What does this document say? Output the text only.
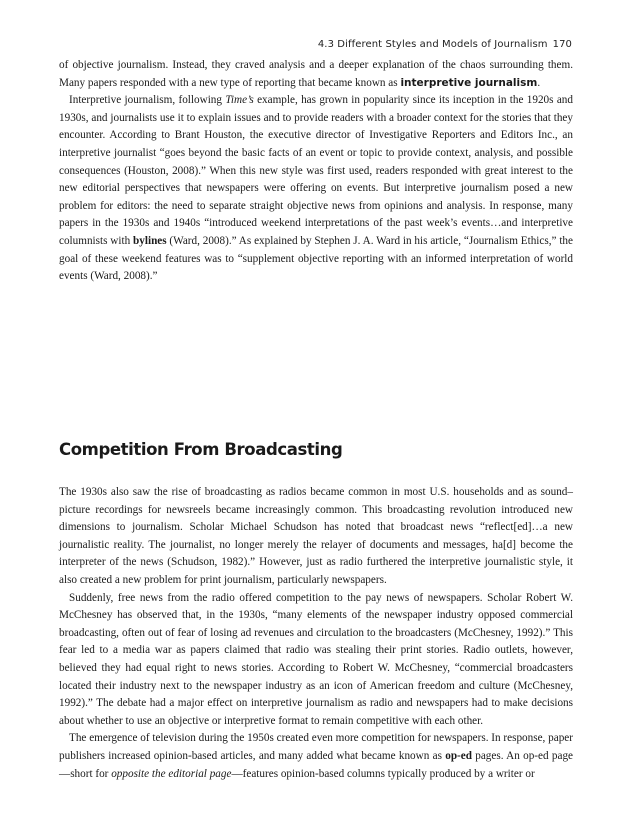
4.3 Different Styles and Models of Journalism 170

of objective journalism. Instead, they craved analysis and a deeper explanation of the chaos surrounding them. Many papers responded with a new type of reporting that became known as interpretive journalism.

Interpretive journalism, following Time’s example, has grown in popularity since its inception in the 1920s and 1930s, and journalists use it to explain issues and to provide readers with a broader context for the stories that they encounter. According to Brant Houston, the executive director of Investigative Reporters and Editors Inc., an interpretive journalist “goes beyond the basic facts of an event or topic to provide context, analysis, and possible consequences (Houston, 2008).” When this new style was first used, readers responded with great interest to the new editorial perspectives that newspapers were offering on events. But interpretive journalism posed a new problem for editors: the need to separate straight objective news from opinions and analysis. In response, many papers in the 1930s and 1940s “introduced weekend interpretations of the past week’s events…and interpretive columnists with bylines (Ward, 2008).” As explained by Stephen J. A. Ward in his article, “Journalism Ethics,” the goal of these weekend features was to “supplement objective reporting with an informed interpretation of world events (Ward, 2008).”

Competition From Broadcasting

The 1930s also saw the rise of broadcasting as radios became common in most U.S. households and as sound–picture recordings for newsreels became increasingly common. This broadcasting revolution introduced new dimensions to journalism. Scholar Michael Schudson has noted that broadcast news “reflect[ed]…a new journalistic reality. The journalist, no longer merely the relayer of documents and messages, ha[d] become the interpreter of the news (Schudson, 1982).” However, just as radio furthered the interpretive journalistic style, it also created a new problem for print journalism, particularly newspapers.

Suddenly, free news from the radio offered competition to the pay news of newspapers. Scholar Robert W. McChesney has observed that, in the 1930s, “many elements of the newspaper industry opposed commercial broadcasting, often out of fear of losing ad revenues and circulation to the broadcasters (McChesney, 1992).” This fear led to a media war as papers claimed that radio was stealing their print stories. Radio outlets, however, believed they had equal right to news stories. According to Robert W. McChesney, “commercial broadcasters located their industry next to the newspaper industry as an icon of American freedom and culture (McChesney, 1992).” The debate had a major effect on interpretive journalism as radio and newspapers had to make decisions about whether to use an objective or interpretive format to remain competitive with each other.

The emergence of television during the 1950s created even more competition for newspapers. In response, paper publishers increased opinion-based articles, and many added what became known as op-ed pages. An op-ed page—short for opposite the editorial page—features opinion-based columns typically produced by a writer or
